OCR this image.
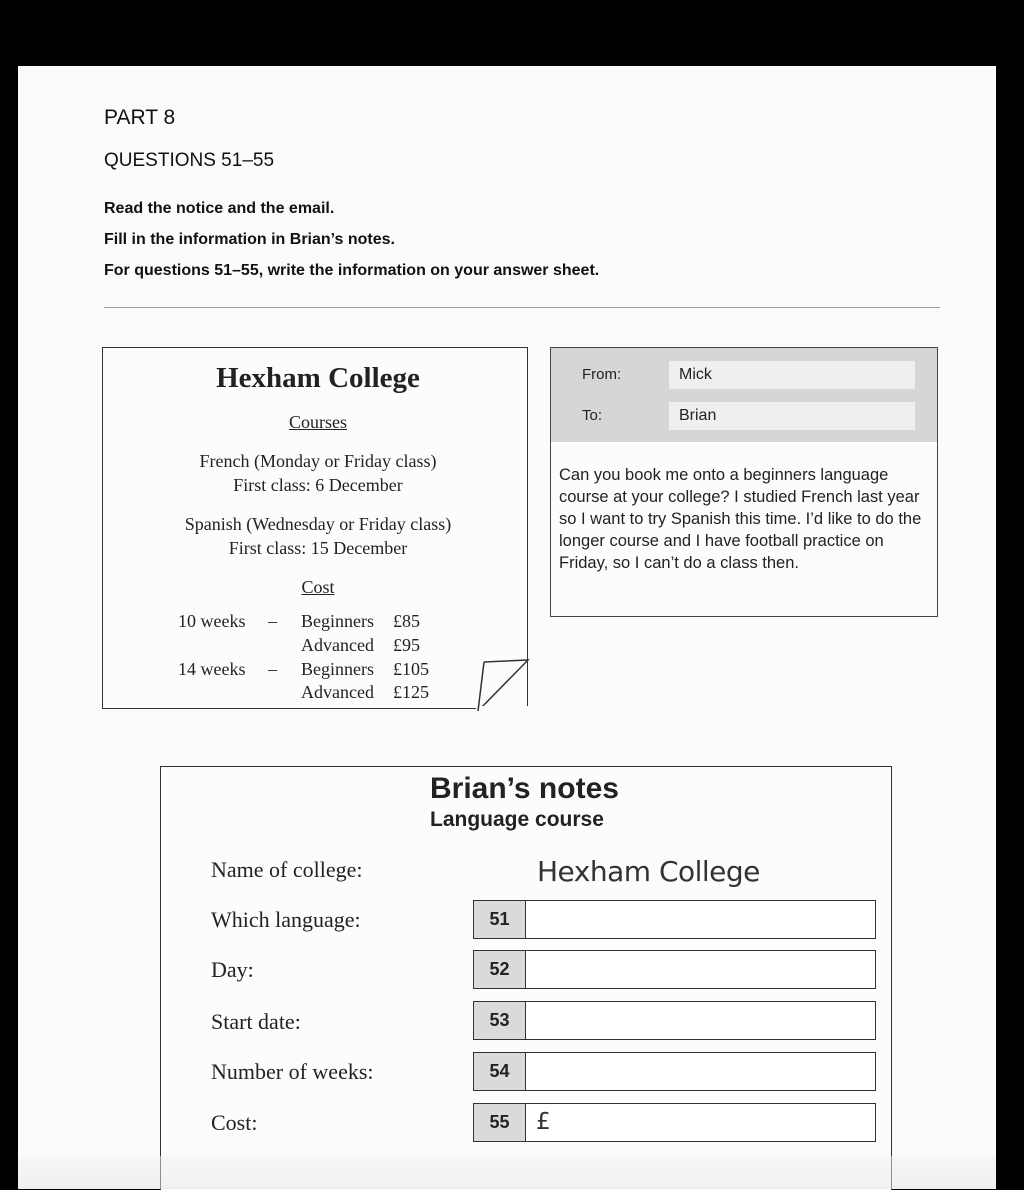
PART 8
QUESTIONS 51–55
Read the notice and the email.
Fill in the information in Brian’s notes.
For questions 51–55, write the information on your answer sheet.
Hexham College
Courses
French (Monday or Friday class)
First class: 6 December
Spanish (Wednesday or Friday class)
First class: 15 December
Cost
10 weeks – Beginners £85
Advanced £95
14 weeks – Beginners £105
Advanced £125
From:	Mick
To:	Brian
Can you book me onto a beginners language course at your college? I studied French last year so I want to try Spanish this time. I’d like to do the longer course and I have football practice on Friday, so I can’t do a class then.
Brian’s notes
Language course
Name of college:	Hexham College
Which language:	51
Day:	52
Start date:	53
Number of weeks:	54
Cost:	55	£
